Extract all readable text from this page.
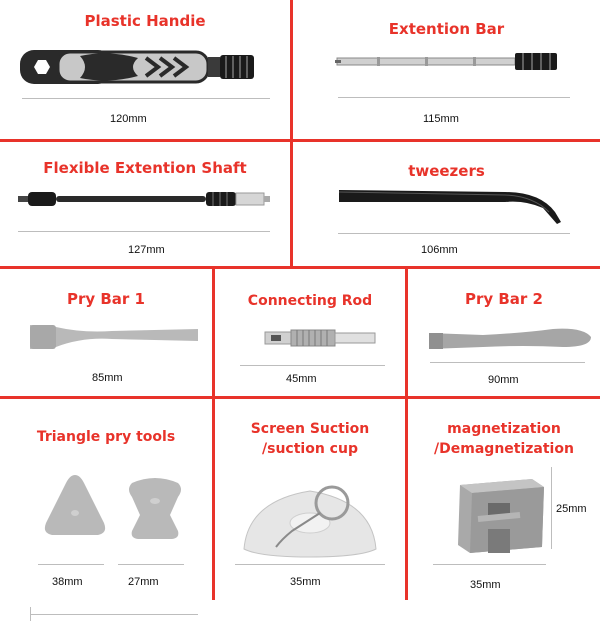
Plastic Handie
120mm
Extention Bar
115mm
Flexible Extention Shaft
127mm
tweezers
106mm
Pry Bar 1
85mm
Connecting Rod
45mm
Pry Bar 2
90mm
Triangle pry tools
38mm	27mm
Screen Suction
/suction cup
35mm
magnetization
/Demagnetization
25mm
35mm
